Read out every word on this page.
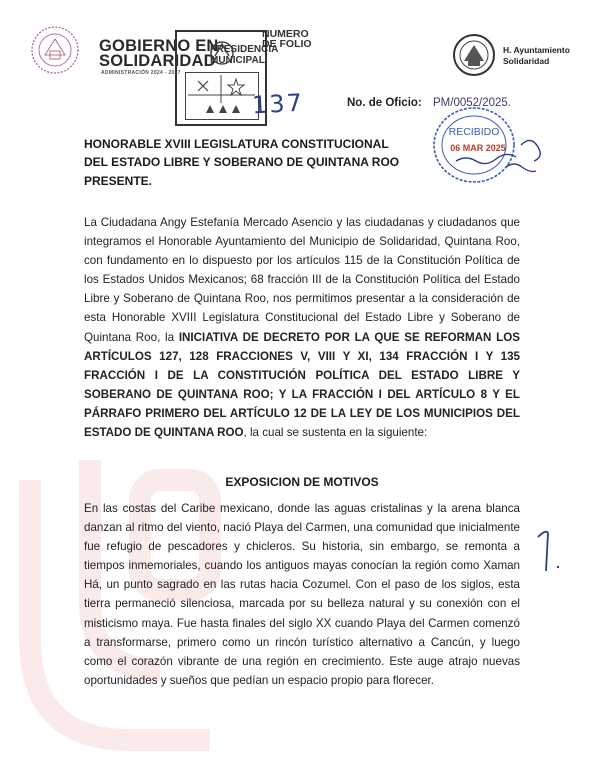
GOBIERNO EN
SOLIDARIDAD
ADMINISTRACIÓN 2024 - 2027
PRESIDENCIA
MUNICIPAL
NUMERO
DE FOLIO
137
H. Ayuntamiento
Solidaridad
No. de Oficio: PM/0052/2025.
RECIBIDO
06 MAR 2025
HONORABLE XVIII LEGISLATURA CONSTITUCIONAL
DEL ESTADO LIBRE Y SOBERANO DE QUINTANA ROO
PRESENTE.
La Ciudadana Angy Estefanía Mercado Asencio y las ciudadanas y ciudadanos que integramos el Honorable Ayuntamiento del Municipio de Solidaridad, Quintana Roo, con fundamento en lo dispuesto por los artículos 115 de la Constitución Política de los Estados Unidos Mexicanos; 68 fracción III de la Constitución Política del Estado Libre y Soberano de Quintana Roo, nos permitimos presentar a la consideración de esta Honorable XVIII Legislatura Constitucional del Estado Libre y Soberano de Quintana Roo, la INICIATIVA DE DECRETO POR LA QUE SE REFORMAN LOS ARTÍCULOS 127, 128 FRACCIONES V, VIII Y XI, 134 FRACCIÓN I Y 135 FRACCIÓN I DE LA CONSTITUCIÓN POLÍTICA DEL ESTADO LIBRE Y SOBERANO DE QUINTANA ROO; Y LA FRACCIÓN I DEL ARTÍCULO 8 Y EL PÁRRAFO PRIMERO DEL ARTÍCULO 12 DE LA LEY DE LOS MUNICIPIOS DEL ESTADO DE QUINTANA ROO, la cual se sustenta en la siguiente:
EXPOSICION DE MOTIVOS
En las costas del Caribe mexicano, donde las aguas cristalinas y la arena blanca danzan al ritmo del viento, nació Playa del Carmen, una comunidad que inicialmente fue refugio de pescadores y chicleros. Su historia, sin embargo, se remonta a tiempos inmemoriales, cuando los antiguos mayas conocían la región como Xaman Há, un punto sagrado en las rutas hacia Cozumel. Con el paso de los siglos, esta tierra permaneció silenciosa, marcada por su belleza natural y su conexión con el misticismo maya. Fue hasta finales del siglo XX cuando Playa del Carmen comenzó a transformarse, primero como un rincón turístico alternativo a Cancún, y luego como el corazón vibrante de una región en crecimiento. Este auge atrajo nuevas oportunidades y sueños que pedían un espacio propio para florecer.
1
